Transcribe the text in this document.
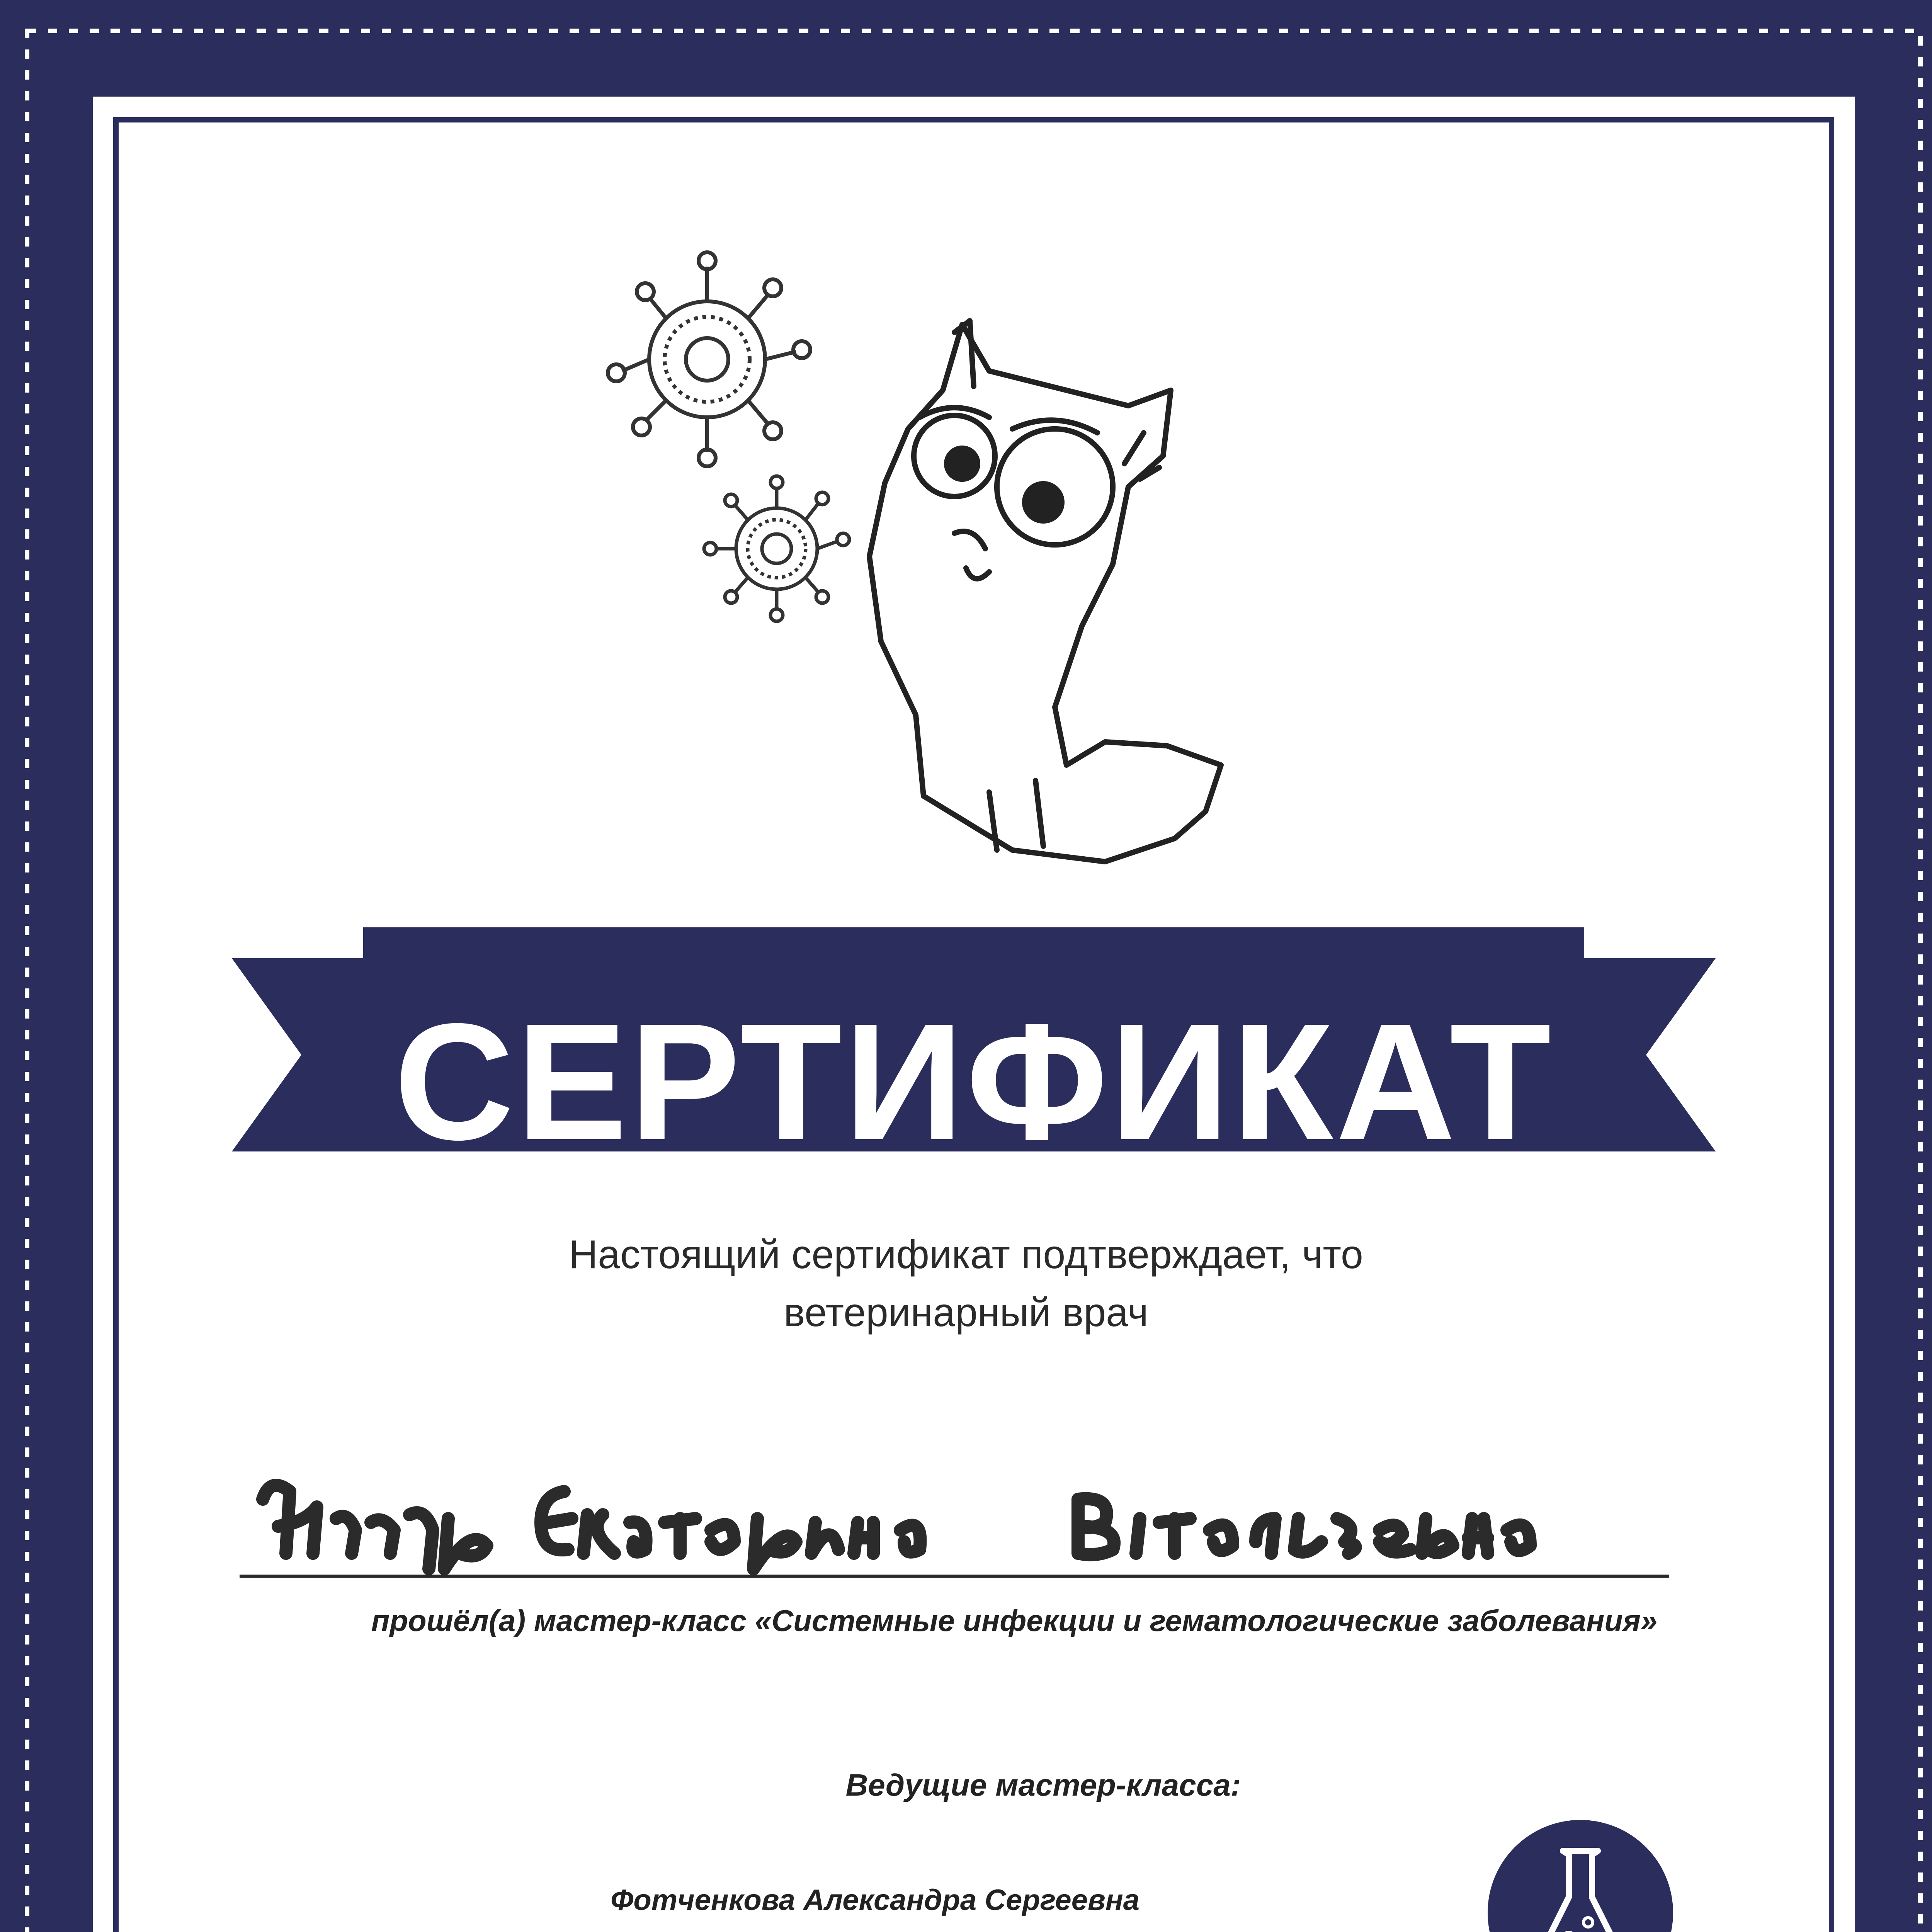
СЕРТИФИКАТ
Настоящий сертификат подтверждает, что
ветеринарный врач
прошёл(а) мастер-класс «Системные инфекции и гематологические заболевания»
Ведущие мастер-класса:
Фотченкова Александра Сергеевна
